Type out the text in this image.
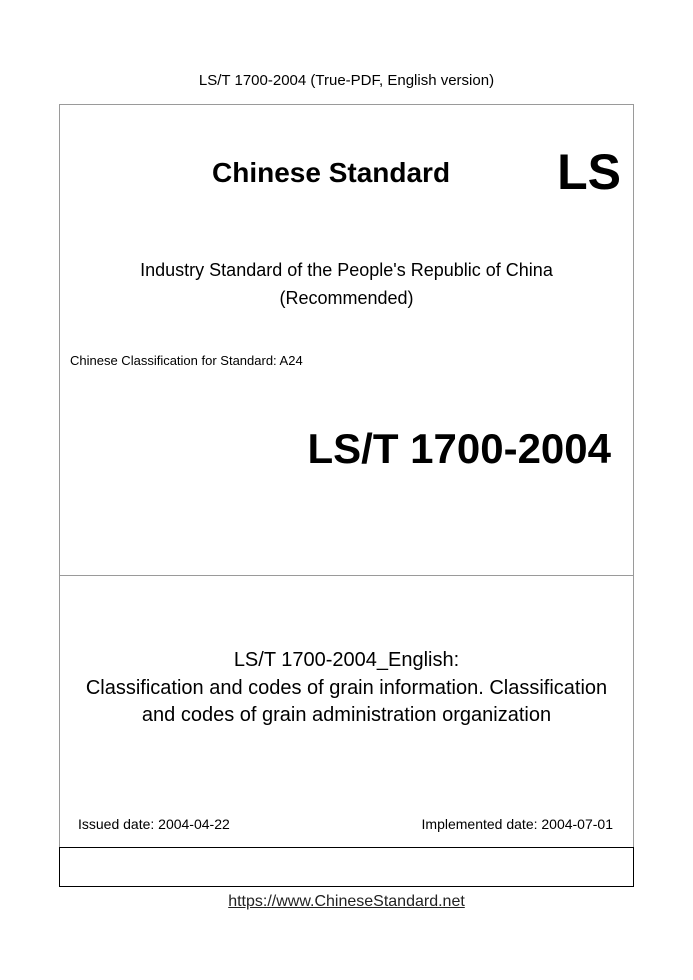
LS/T 1700-2004 (True-PDF, English version)
Chinese Standard LS
Industry Standard of the People's Republic of China
(Recommended)
Chinese Classification for Standard: A24
LS/T 1700-2004
LS/T 1700-2004_English:
Classification and codes of grain information. Classification
and codes of grain administration organization
Issued date: 2004-04-22	Implemented date: 2004-07-01
https://www.ChineseStandard.net
